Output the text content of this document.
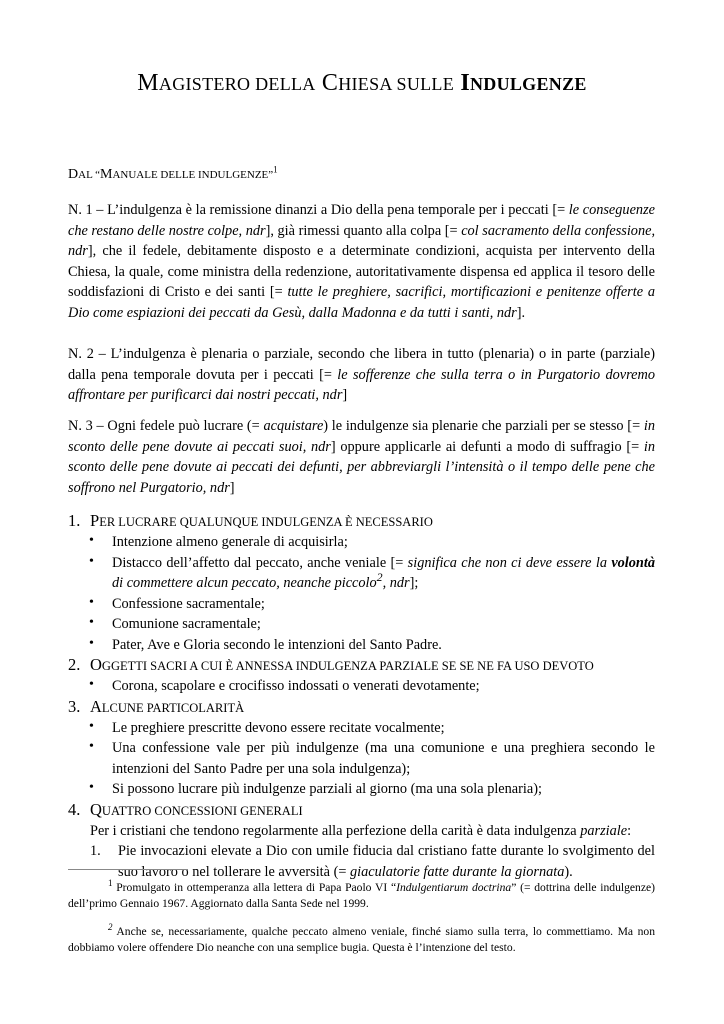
MAGISTERO DELLA CHIESA SULLE INDULGENZE
DAL “MANUALE DELLE INDULGENZE”$^1$
N. 1 – L’indulgenza è la remissione dinanzi a Dio della pena temporale per i peccati [= le conseguenze che restano delle nostre colpe, ndr], già rimessi quanto alla colpa [= col sacramento della confessione, ndr], che il fedele, debitamente disposto e a determinate condizioni, acquista per intervento della Chiesa, la quale, come ministra della redenzione, autoritativamente dispensa ed applica il tesoro delle soddisfazioni di Cristo e dei santi [= tutte le preghiere, sacrifici, mortificazioni e penitenze offerte a Dio come espiazioni dei peccati da Gesù, dalla Madonna e da tutti i santi, ndr].
N. 2 – L’indulgenza è plenaria o parziale, secondo che libera in tutto (plenaria) o in parte (parziale) dalla pena temporale dovuta per i peccati [= le sofferenze che sulla terra o in Purgatorio dovremo affrontare per purificarci dai nostri peccati, ndr]
N. 3 – Ogni fedele può lucrare (= acquistare) le indulgenze sia plenarie che parziali per se stesso [= in sconto delle pene dovute ai peccati suoi, ndr] oppure applicarle ai defunti a modo di suffragio [= in sconto delle pene dovute ai peccati dei defunti, per abbreviargli l’intensità o il tempo delle pene che soffrono nel Purgatorio, ndr]
1. PER LUCRARE QUALUNQUE INDULGENZA È NECESSARIO
• Intenzione almeno generale di acquisirla;
• Distacco dell’affetto dal peccato, anche veniale [= significa che non ci deve essere la volontà di commettere alcun peccato, neanche piccolo$^2$, ndr];
• Confessione sacramentale;
• Comunione sacramentale;
• Pater, Ave e Gloria secondo le intenzioni del Santo Padre.
2. OGGETTI SACRI A CUI È ANNESSA INDULGENZA PARZIALE SE SE NE FA USO DEVOTO
• Corona, scapolare e crocifisso indossati o venerati devotamente;
3. ALCUNE PARTICOLARITÀ
• Le preghiere prescritte devono essere recitate vocalmente;
• Una confessione vale per più indulgenze (ma una comunione e una preghiera secondo le intenzioni del Santo Padre per una sola indulgenza);
• Si possono lucrare più indulgenze parziali al giorno (ma una sola plenaria);
4. QUATTRO CONCESSIONI GENERALI
Per i cristiani che tendono regolarmente alla perfezione della carità è data indulgenza parziale:
1. Pie invocazioni elevate a Dio con umile fiducia dal cristiano fatte durante lo svolgimento del suo lavoro o nel tollerare le avversità (= giaculatorie fatte durante la giornata).
$^1$ Promulgato in ottemperanza alla lettera di Papa Paolo VI “Indulgentiarum doctrina” (= dottrina delle indulgenze) dell’primo Gennaio 1967. Aggiornato dalla Santa Sede nel 1999.
$^2$ Anche se, necessariamente, qualche peccato almeno veniale, finché siamo sulla terra, lo commettiamo. Ma non dobbiamo volere offendere Dio neanche con una semplice bugia. Questa è l’intenzione del testo.
